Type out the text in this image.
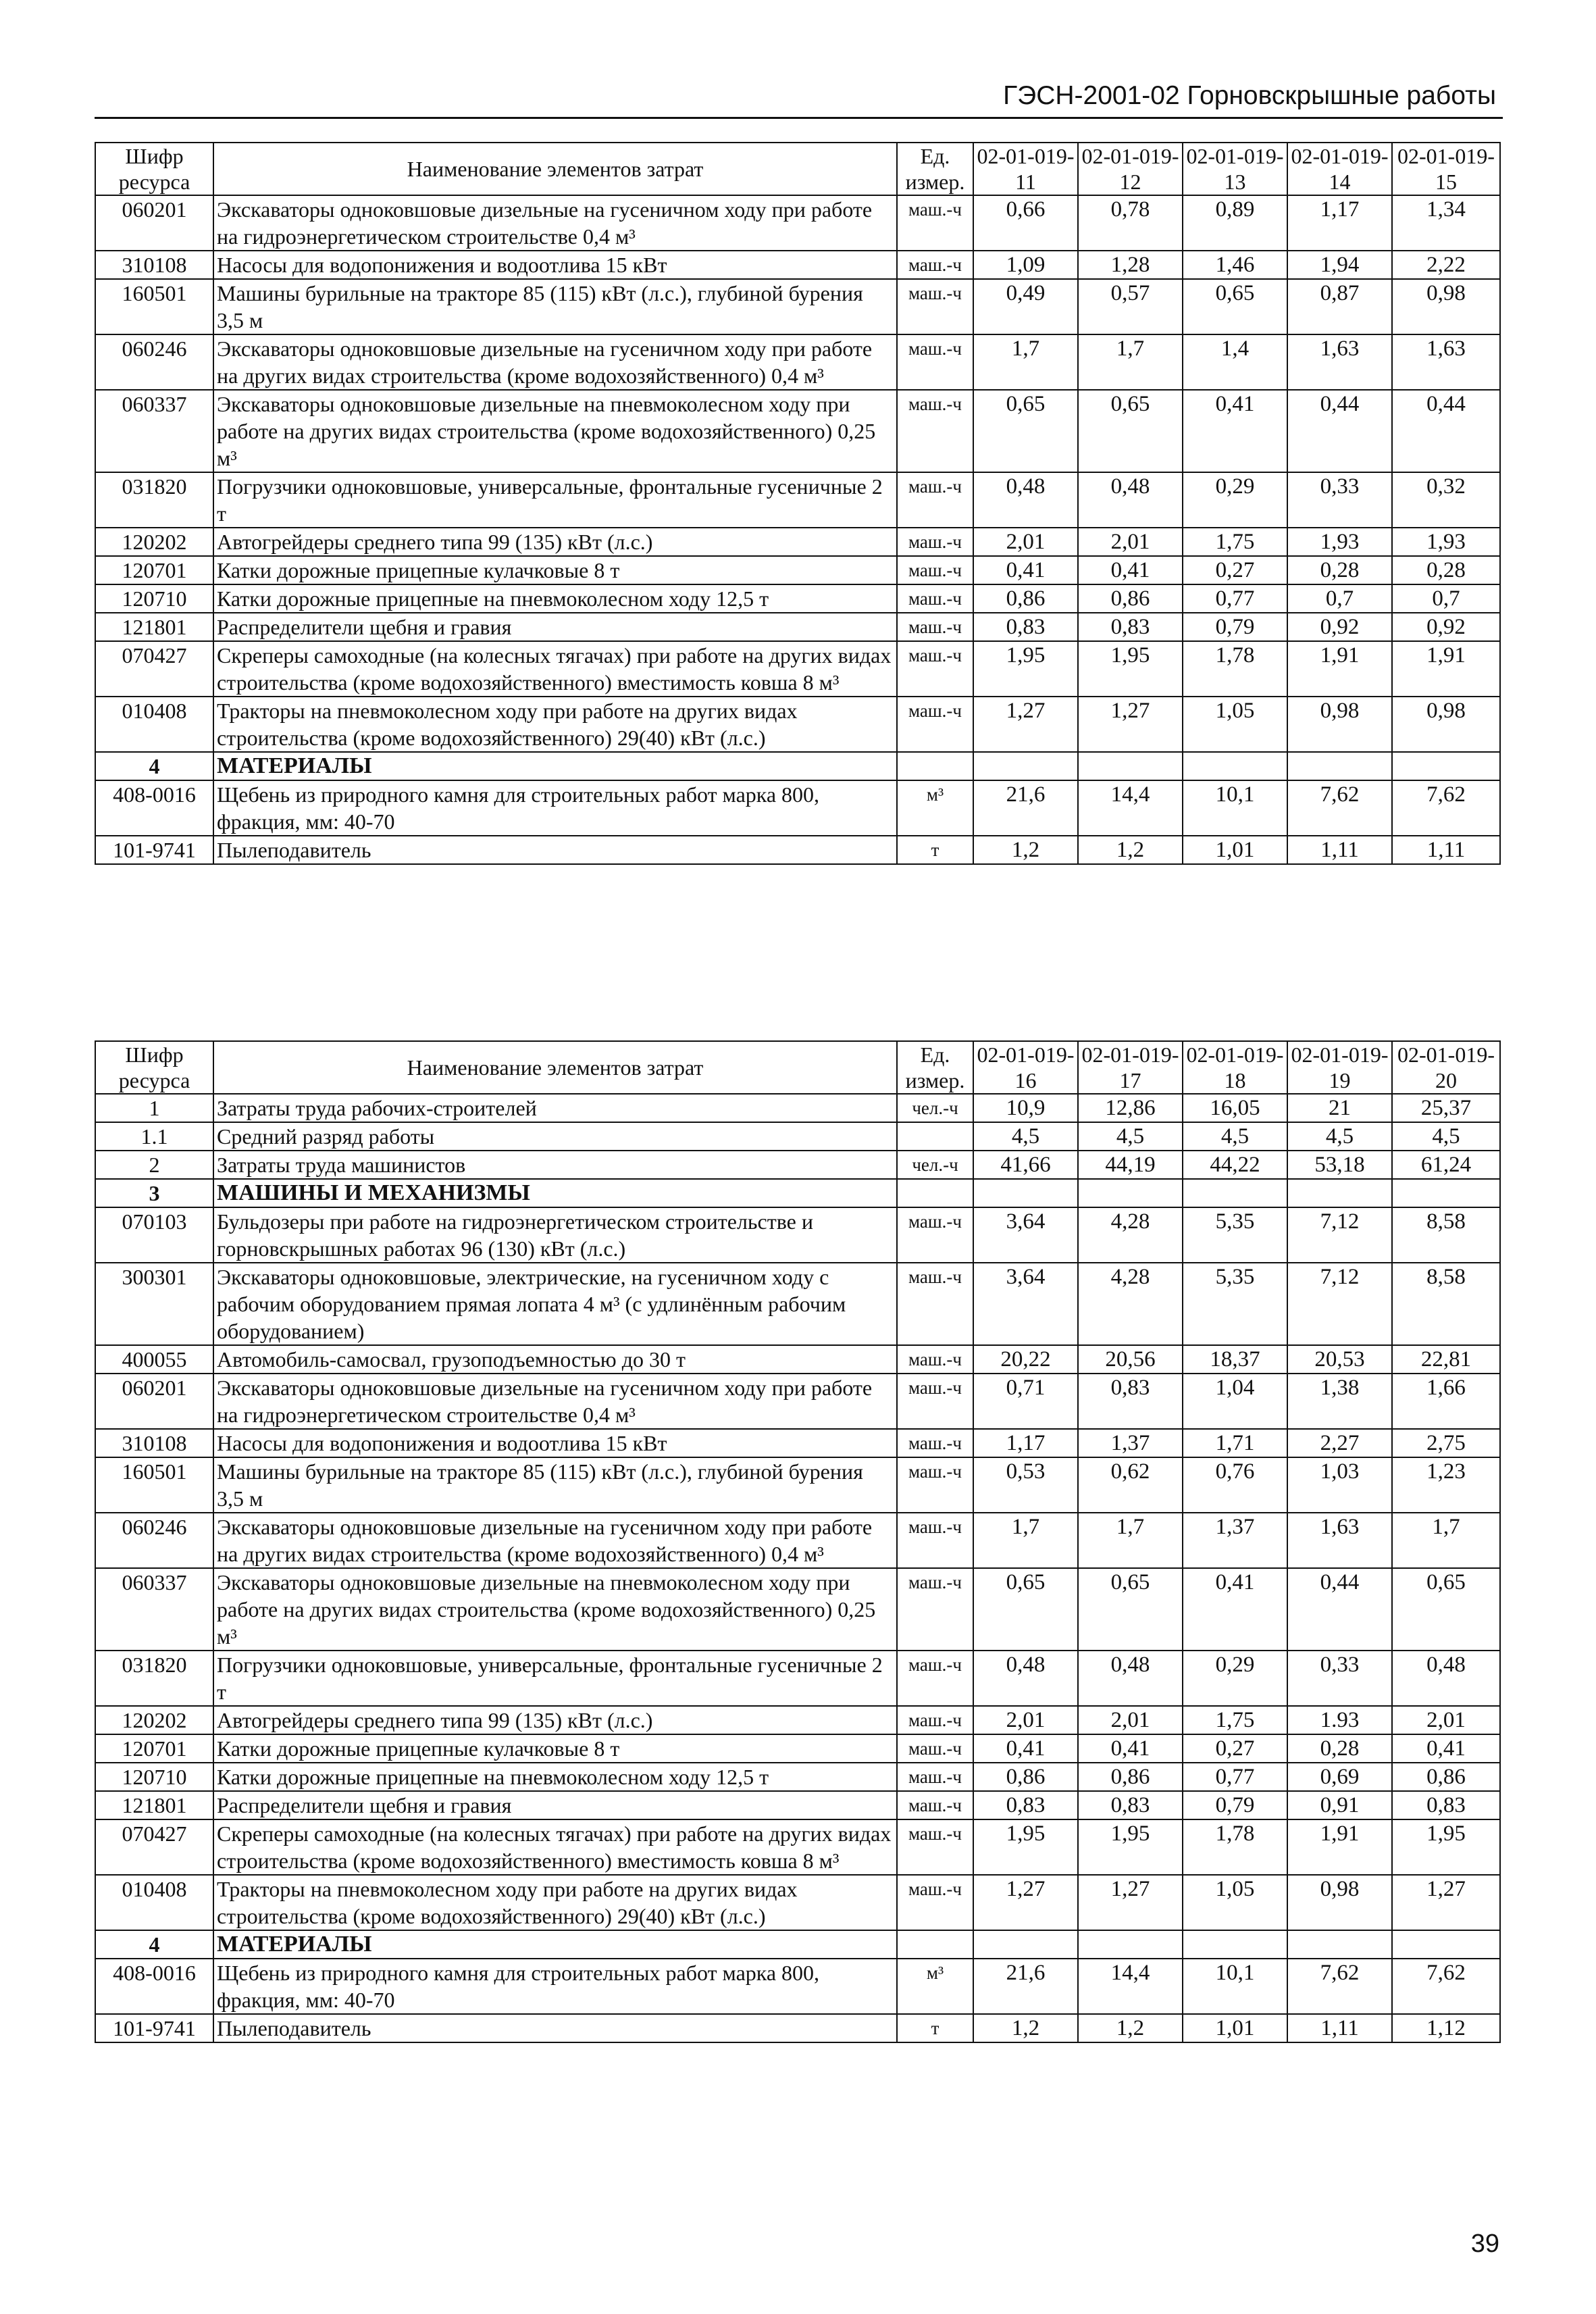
ГЭСН-2001-02 Горновскрышные работы
Шифр ресурса	Наименование элементов затрат	Ед. измер.	02-01-019-11	02-01-019-12	02-01-019-13	02-01-019-14	02-01-019-15
060201	Экскаваторы одноковшовые дизельные на гусеничном ходу при работе на гидроэнергетическом строительстве 0,4 м³	маш.-ч	0,66	0,78	0,89	1,17	1,34
310108	Насосы для водопонижения и водоотлива 15 кВт	маш.-ч	1,09	1,28	1,46	1,94	2,22
160501	Машины бурильные на тракторе 85 (115) кВт (л.с.), глубиной бурения 3,5 м	маш.-ч	0,49	0,57	0,65	0,87	0,98
060246	Экскаваторы одноковшовые дизельные на гусеничном ходу при работе на других видах строительства (кроме водохозяйственного) 0,4 м³	маш.-ч	1,7	1,7	1,4	1,63	1,63
060337	Экскаваторы одноковшовые дизельные на пневмоколесном ходу при работе на других видах строительства (кроме водохозяйственного) 0,25 м³	маш.-ч	0,65	0,65	0,41	0,44	0,44
031820	Погрузчики одноковшовые, универсальные, фронтальные гусеничные 2 т	маш.-ч	0,48	0,48	0,29	0,33	0,32
120202	Автогрейдеры среднего типа 99 (135) кВт (л.с.)	маш.-ч	2,01	2,01	1,75	1,93	1,93
120701	Катки дорожные прицепные кулачковые 8 т	маш.-ч	0,41	0,41	0,27	0,28	0,28
120710	Катки дорожные прицепные на пневмоколесном ходу 12,5 т	маш.-ч	0,86	0,86	0,77	0,7	0,7
121801	Распределители щебня и гравия	маш.-ч	0,83	0,83	0,79	0,92	0,92
070427	Скреперы самоходные (на колесных тягачах) при работе на других видах строительства (кроме водохозяйственного) вместимость ковша 8 м³	маш.-ч	1,95	1,95	1,78	1,91	1,91
010408	Тракторы на пневмоколесном ходу при работе на других видах строительства (кроме водохозяйственного) 29(40) кВт (л.с.)	маш.-ч	1,27	1,27	1,05	0,98	0,98
4	МАТЕРИАЛЫ						
408-0016	Щебень из природного камня для строительных работ марка 800, фракция, мм: 40-70	м³	21,6	14,4	10,1	7,62	7,62
101-9741	Пылеподавитель	т	1,2	1,2	1,01	1,11	1,11
Шифр ресурса	Наименование элементов затрат	Ед. измер.	02-01-019-16	02-01-019-17	02-01-019-18	02-01-019-19	02-01-019-20
1	Затраты труда рабочих-строителей	чел.-ч	10,9	12,86	16,05	21	25,37
1.1	Средний разряд работы		4,5	4,5	4,5	4,5	4,5
2	Затраты труда машинистов	чел.-ч	41,66	44,19	44,22	53,18	61,24
3	МАШИНЫ И МЕХАНИЗМЫ						
070103	Бульдозеры при работе на гидроэнергетическом строительстве и горновскрышных работах 96 (130) кВт (л.с.)	маш.-ч	3,64	4,28	5,35	7,12	8,58
300301	Экскаваторы одноковшовые, электрические, на гусеничном ходу с рабочим оборудованием прямая лопата 4 м³ (с удлинённым рабочим оборудованием)	маш.-ч	3,64	4,28	5,35	7,12	8,58
400055	Автомобиль-самосвал, грузоподъемностью до 30 т	маш.-ч	20,22	20,56	18,37	20,53	22,81
060201	Экскаваторы одноковшовые дизельные на гусеничном ходу при работе на гидроэнергетическом строительстве 0,4 м³	маш.-ч	0,71	0,83	1,04	1,38	1,66
310108	Насосы для водопонижения и водоотлива 15 кВт	маш.-ч	1,17	1,37	1,71	2,27	2,75
160501	Машины бурильные на тракторе 85 (115) кВт (л.с.), глубиной бурения 3,5 м	маш.-ч	0,53	0,62	0,76	1,03	1,23
060246	Экскаваторы одноковшовые дизельные на гусеничном ходу при работе на других видах строительства (кроме водохозяйственного) 0,4 м³	маш.-ч	1,7	1,7	1,37	1,63	1,7
060337	Экскаваторы одноковшовые дизельные на пневмоколесном ходу при работе на других видах строительства (кроме водохозяйственного) 0,25 м³	маш.-ч	0,65	0,65	0,41	0,44	0,65
031820	Погрузчики одноковшовые, универсальные, фронтальные гусеничные 2 т	маш.-ч	0,48	0,48	0,29	0,33	0,48
120202	Автогрейдеры среднего типа 99 (135) кВт (л.с.)	маш.-ч	2,01	2,01	1,75	1.93	2,01
120701	Катки дорожные прицепные кулачковые 8 т	маш.-ч	0,41	0,41	0,27	0,28	0,41
120710	Катки дорожные прицепные на пневмоколесном ходу 12,5 т	маш.-ч	0,86	0,86	0,77	0,69	0,86
121801	Распределители щебня и гравия	маш.-ч	0,83	0,83	0,79	0,91	0,83
070427	Скреперы самоходные (на колесных тягачах) при работе на других видах строительства (кроме водохозяйственного) вместимость ковша 8 м³	маш.-ч	1,95	1,95	1,78	1,91	1,95
010408	Тракторы на пневмоколесном ходу при работе на других видах строительства (кроме водохозяйственного) 29(40) кВт (л.с.)	маш.-ч	1,27	1,27	1,05	0,98	1,27
4	МАТЕРИАЛЫ						
408-0016	Щебень из природного камня для строительных работ марка 800, фракция, мм: 40-70	м³	21,6	14,4	10,1	7,62	7,62
101-9741	Пылеподавитель	т	1,2	1,2	1,01	1,11	1,12
39
